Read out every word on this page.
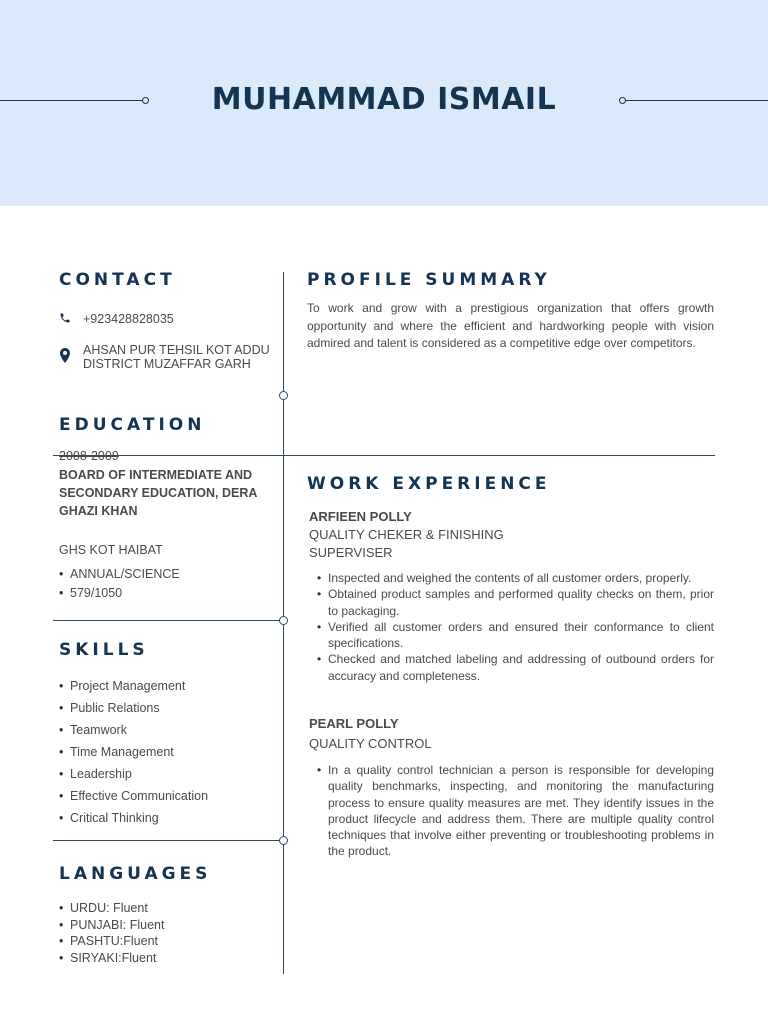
MUHAMMAD ISMAIL
CONTACT
+923428828035
AHSAN PUR TEHSIL KOT ADDU DISTRICT MUZAFFAR GARH
EDUCATION
2008-2009
BOARD OF INTERMEDIATE AND SECONDARY EDUCATION, DERA GHAZI KHAN
GHS KOT HAIBAT
• ANNUAL/SCIENCE
• 579/1050
SKILLS
• Project Management
• Public Relations
• Teamwork
• Time Management
• Leadership
• Effective Communication
• Critical Thinking
LANGUAGES
• URDU: Fluent
• PUNJABI: Fluent
• PASHTU:Fluent
• SIRYAKI:Fluent
PROFILE SUMMARY
To work and grow with a prestigious organization that offers growth opportunity and where the efficient and hardworking people with vision admired and talent is considered as a competitive edge over competitors.
WORK EXPERIENCE
ARFIEEN POLLY
QUALITY CHEKER & FINISHING SUPERVISER
• Inspected and weighed the contents of all customer orders, properly.
• Obtained product samples and performed quality checks on them, prior to packaging.
• Verified all customer orders and ensured their conformance to client specifications.
• Checked and matched labeling and addressing of outbound orders for accuracy and completeness.
PEARL POLLY
QUALITY CONTROL
• In a quality control technician a person is responsible for developing quality benchmarks, inspecting, and monitoring the manufacturing process to ensure quality measures are met. They identify issues in the product lifecycle and address them. There are multiple quality control techniques that involve either preventing or troubleshooting problems in the product.
